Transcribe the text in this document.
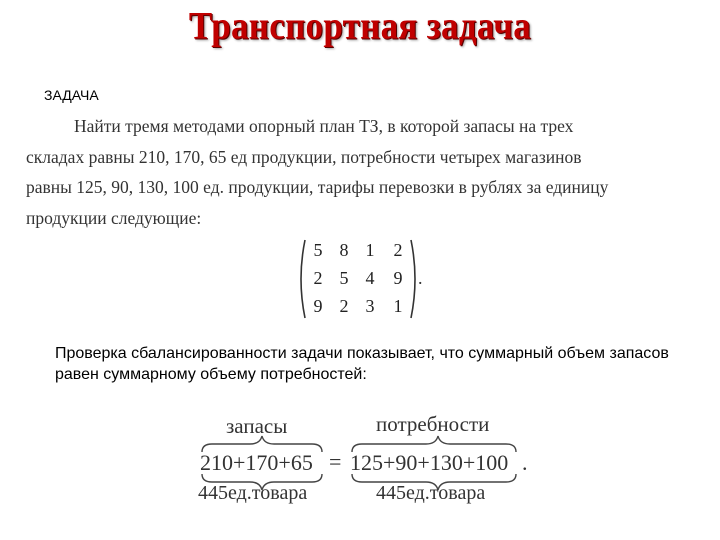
Транспортная задача
ЗАДАЧА
Найти тремя методами опорный план ТЗ, в которой запасы на трех
складах равны 210, 170, 65 ед продукции, потребности четырех магазинов
равны 125, 90, 130, 100 ед. продукции, тарифы перевозки в рублях за единицу
продукции следующие:
5 8 1	2
2 5 4	9
9 2 3	1
.
Проверка сбалансированности задачи показывает, что суммарный объем запасов равен суммарному объему потребностей:
запасы	потребности
210+170+65 = 125+90+130+100 .
445ед.товара	445ед.товара
